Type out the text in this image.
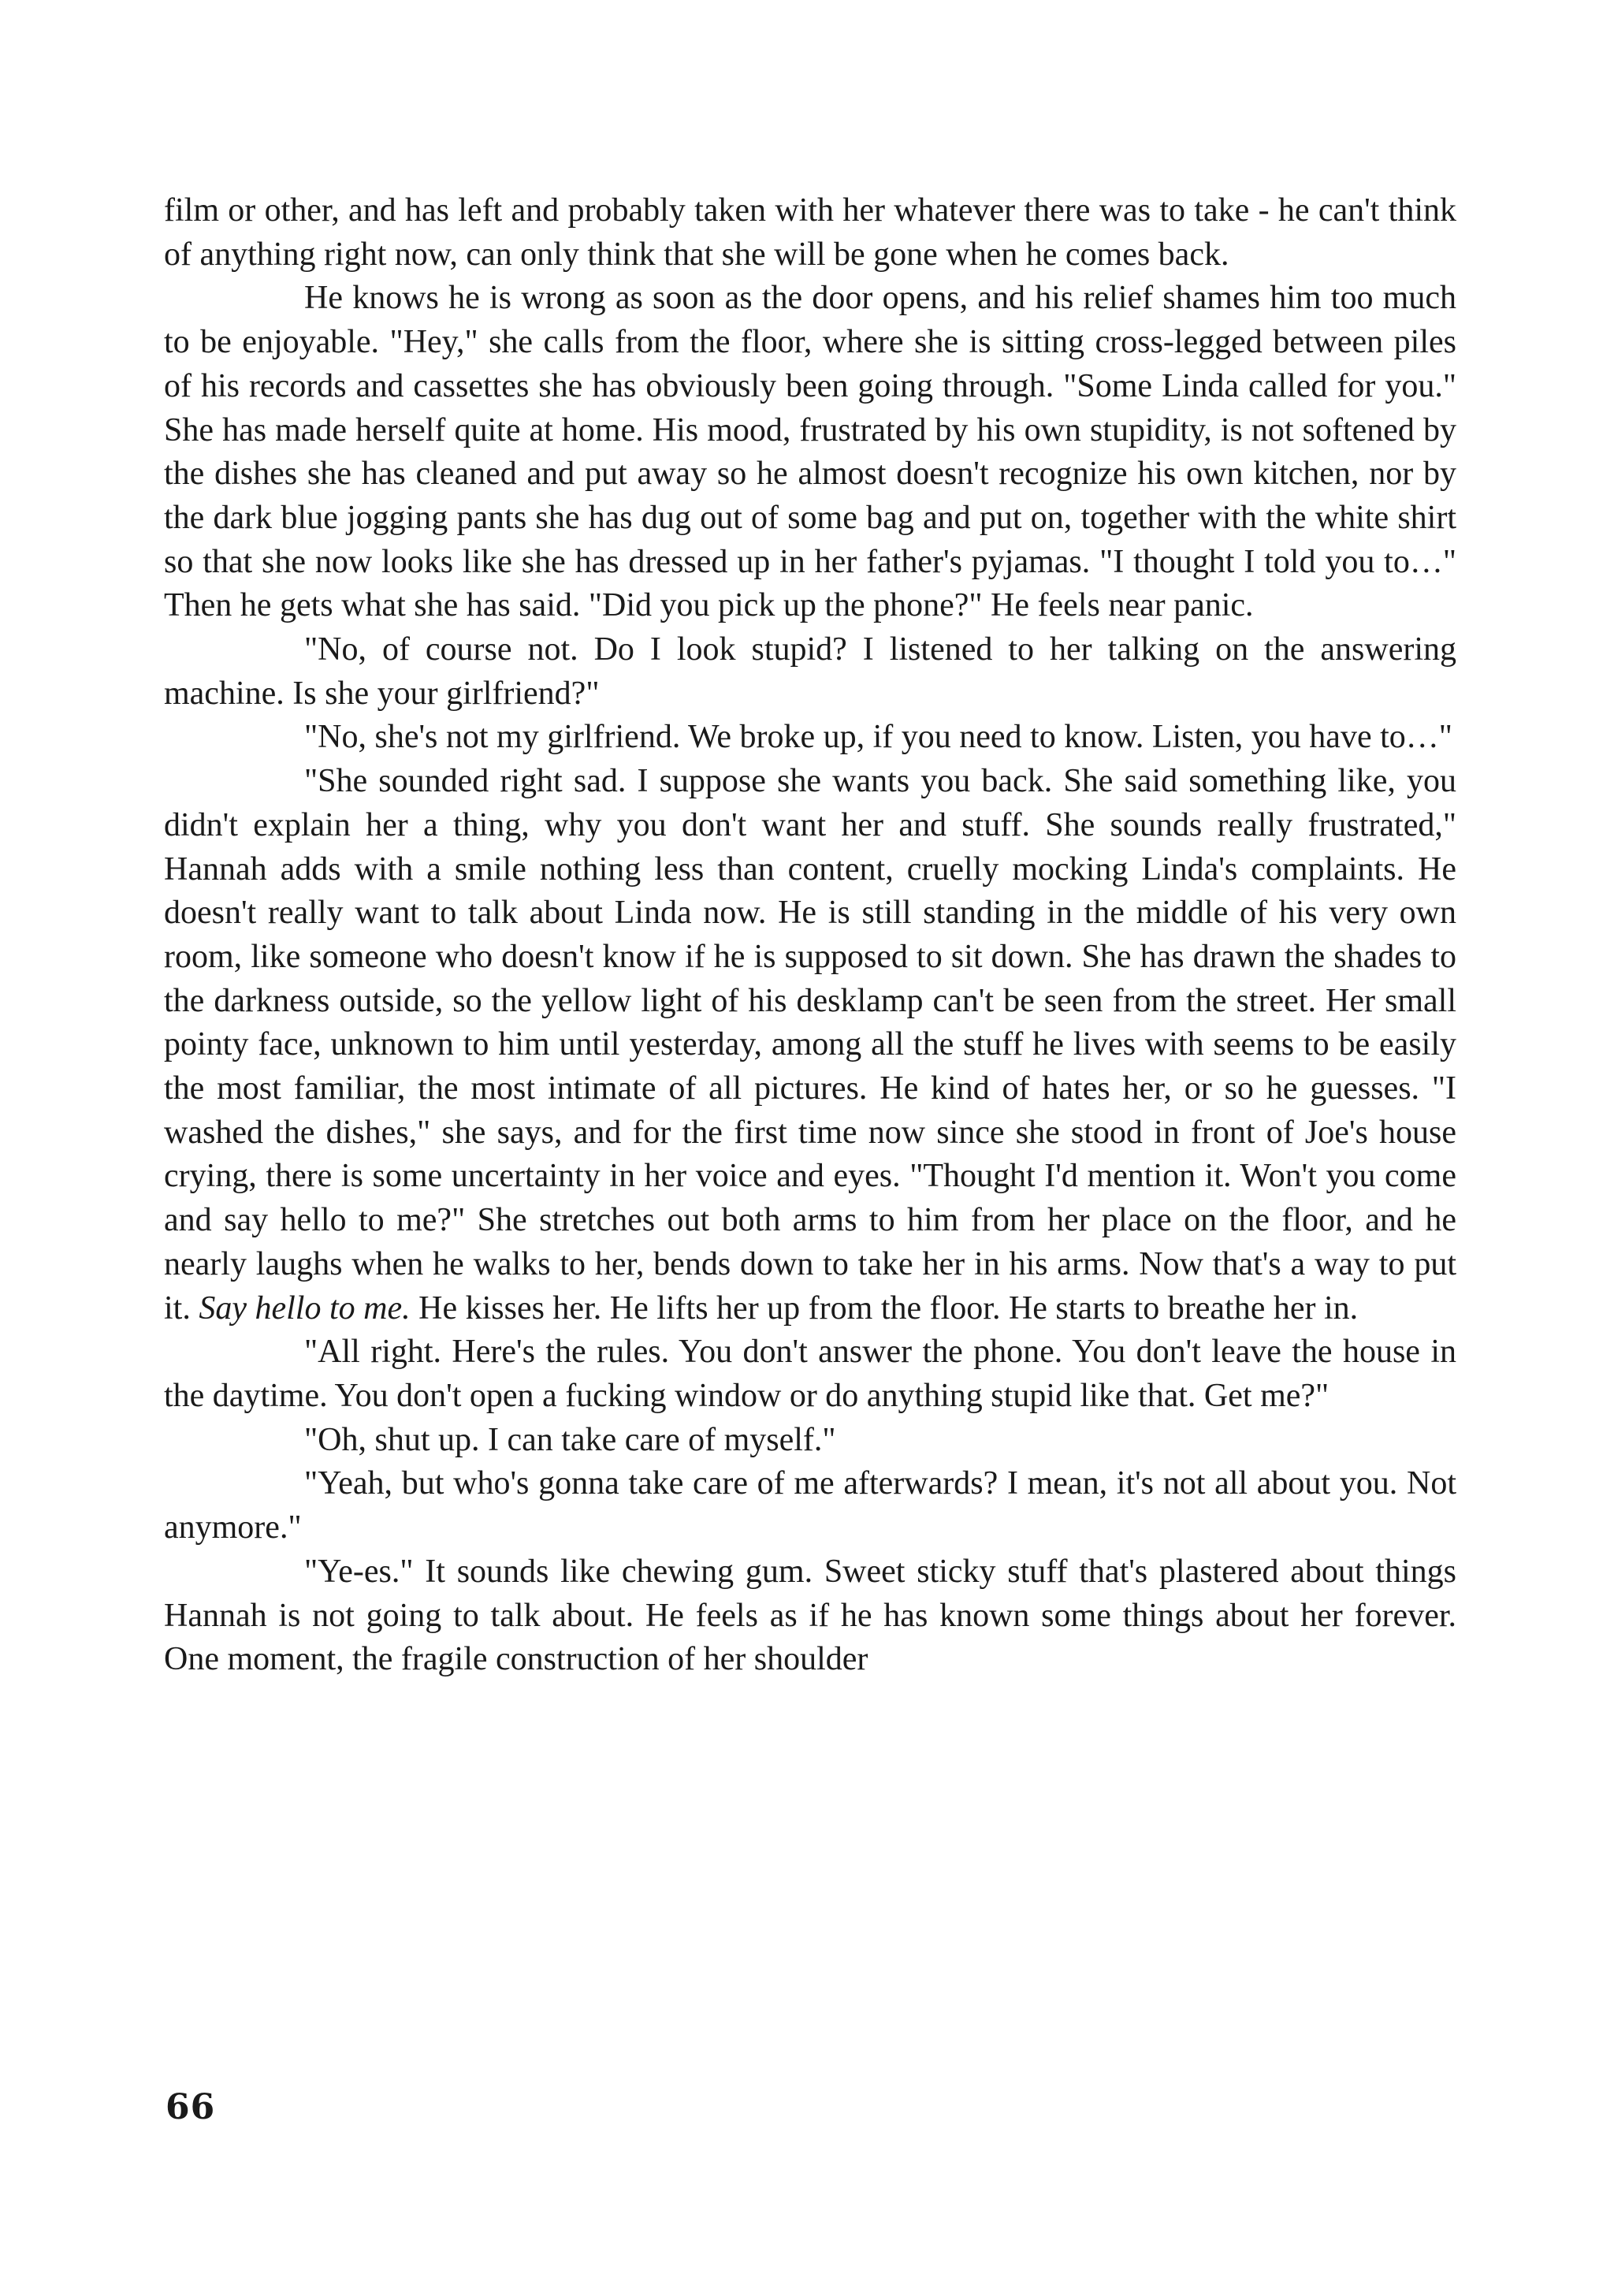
film or other, and has left and probably taken with her whatever there was to take - he can't think of anything right now, can only think that she will be gone when he comes back.

He knows he is wrong as soon as the door opens, and his relief shames him too much to be enjoyable. "Hey," she calls from the floor, where she is sitting cross-legged between piles of his records and cassettes she has obviously been going through. "Some Linda called for you." She has made herself quite at home. His mood, frustrated by his own stupidity, is not softened by the dishes she has cleaned and put away so he almost doesn't recognize his own kitchen, nor by the dark blue jogging pants she has dug out of some bag and put on, together with the white shirt so that she now looks like she has dressed up in her father's pyjamas. "I thought I told you to…" Then he gets what she has said. "Did you pick up the phone?" He feels near panic.

"No, of course not. Do I look stupid? I listened to her talking on the answering machine. Is she your girlfriend?"

"No, she's not my girlfriend. We broke up, if you need to know. Listen, you have to…"

"She sounded right sad. I suppose she wants you back. She said something like, you didn't explain her a thing, why you don't want her and stuff. She sounds really frustrated," Hannah adds with a smile nothing less than content, cruelly mocking Linda's complaints. He doesn't really want to talk about Linda now. He is still standing in the middle of his very own room, like someone who doesn't know if he is supposed to sit down. She has drawn the shades to the darkness outside, so the yellow light of his desklamp can't be seen from the street. Her small pointy face, unknown to him until yesterday, among all the stuff he lives with seems to be easily the most familiar, the most intimate of all pictures. He kind of hates her, or so he guesses. "I washed the dishes," she says, and for the first time now since she stood in front of Joe's house crying, there is some uncertainty in her voice and eyes. "Thought I'd mention it. Won't you come and say hello to me?" She stretches out both arms to him from her place on the floor, and he nearly laughs when he walks to her, bends down to take her in his arms. Now that's a way to put it. Say hello to me. He kisses her. He lifts her up from the floor. He starts to breathe her in.

"All right. Here's the rules. You don't answer the phone. You don't leave the house in the daytime. You don't open a fucking window or do anything stupid like that. Get me?"

"Oh, shut up. I can take care of myself."

"Yeah, but who's gonna take care of me afterwards? I mean, it's not all about you. Not anymore."

"Ye-es." It sounds like chewing gum. Sweet sticky stuff that's plastered about things Hannah is not going to talk about. He feels as if he has known some things about her forever. One moment, the fragile construction of her shoulder

66
